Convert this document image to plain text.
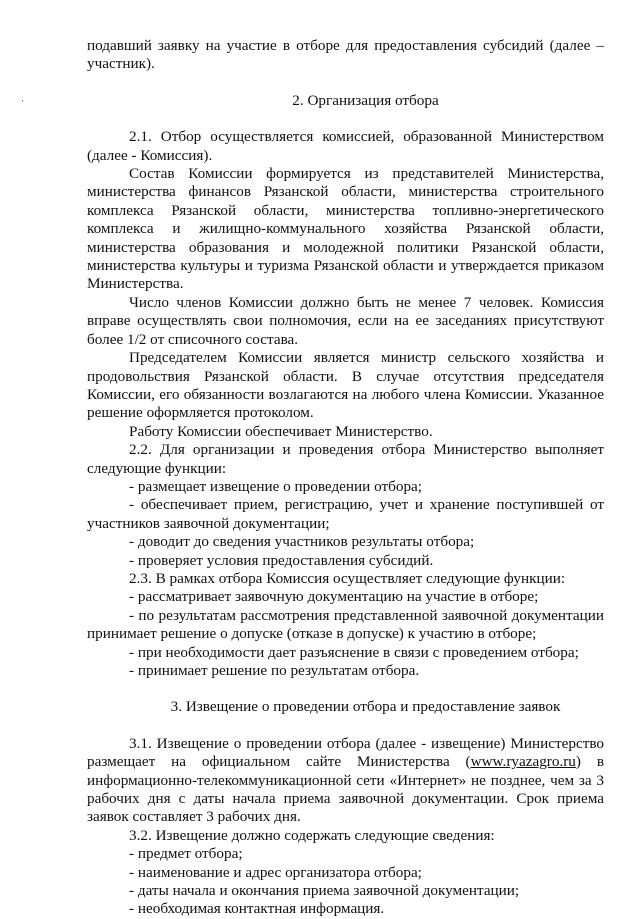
подавший заявку на участие в отборе для предоставления субсидий (далее – участник).

2. Организация отбора

2.1. Отбор осуществляется комиссией, образованной Министерством (далее - Комиссия).

Состав Комиссии формируется из представителей Министерства, министерства финансов Рязанской области, министерства строительного комплекса Рязанской области, министерства топливно-энергетического комплекса и жилищно-коммунального хозяйства Рязанской области, министерства образования и молодежной политики Рязанской области, министерства культуры и туризма Рязанской области и утверждается приказом Министерства.

Число членов Комиссии должно быть не менее 7 человек. Комиссия вправе осуществлять свои полномочия, если на ее заседаниях присутствуют более 1/2 от списочного состава.

Председателем Комиссии является министр сельского хозяйства и продовольствия Рязанской области. В случае отсутствия председателя Комиссии, его обязанности возлагаются на любого члена Комиссии. Указанное решение оформляется протоколом.

Работу Комиссии обеспечивает Министерство.

2.2. Для организации и проведения отбора Министерство выполняет следующие функции:

- размещает извещение о проведении отбора;

- обеспечивает прием, регистрацию, учет и хранение поступившей от участников заявочной документации;

- доводит до сведения участников результаты отбора;

- проверяет условия предоставления субсидий.

2.3. В рамках отбора Комиссия осуществляет следующие функции:

- рассматривает заявочную документацию на участие в отборе;

- по результатам рассмотрения представленной заявочной документации принимает решение о допуске (отказе в допуске) к участию в отборе;

- при необходимости дает разъяснение в связи с проведением отбора;

- принимает решение по результатам отбора.

3. Извещение о проведении отбора и предоставление заявок

3.1. Извещение о проведении отбора (далее - извещение) Министерство размещает на официальном сайте Министерства (www.ryazagro.ru) в информационно-телекоммуникационной сети «Интернет» не позднее, чем за 3 рабочих дня с даты начала приема заявочной документации. Срок приема заявок составляет 3 рабочих дня.

3.2. Извещение должно содержать следующие сведения:

- предмет отбора;

- наименование и адрес организатора отбора;

- даты начала и окончания приема заявочной документации;

- необходимая контактная информация.
